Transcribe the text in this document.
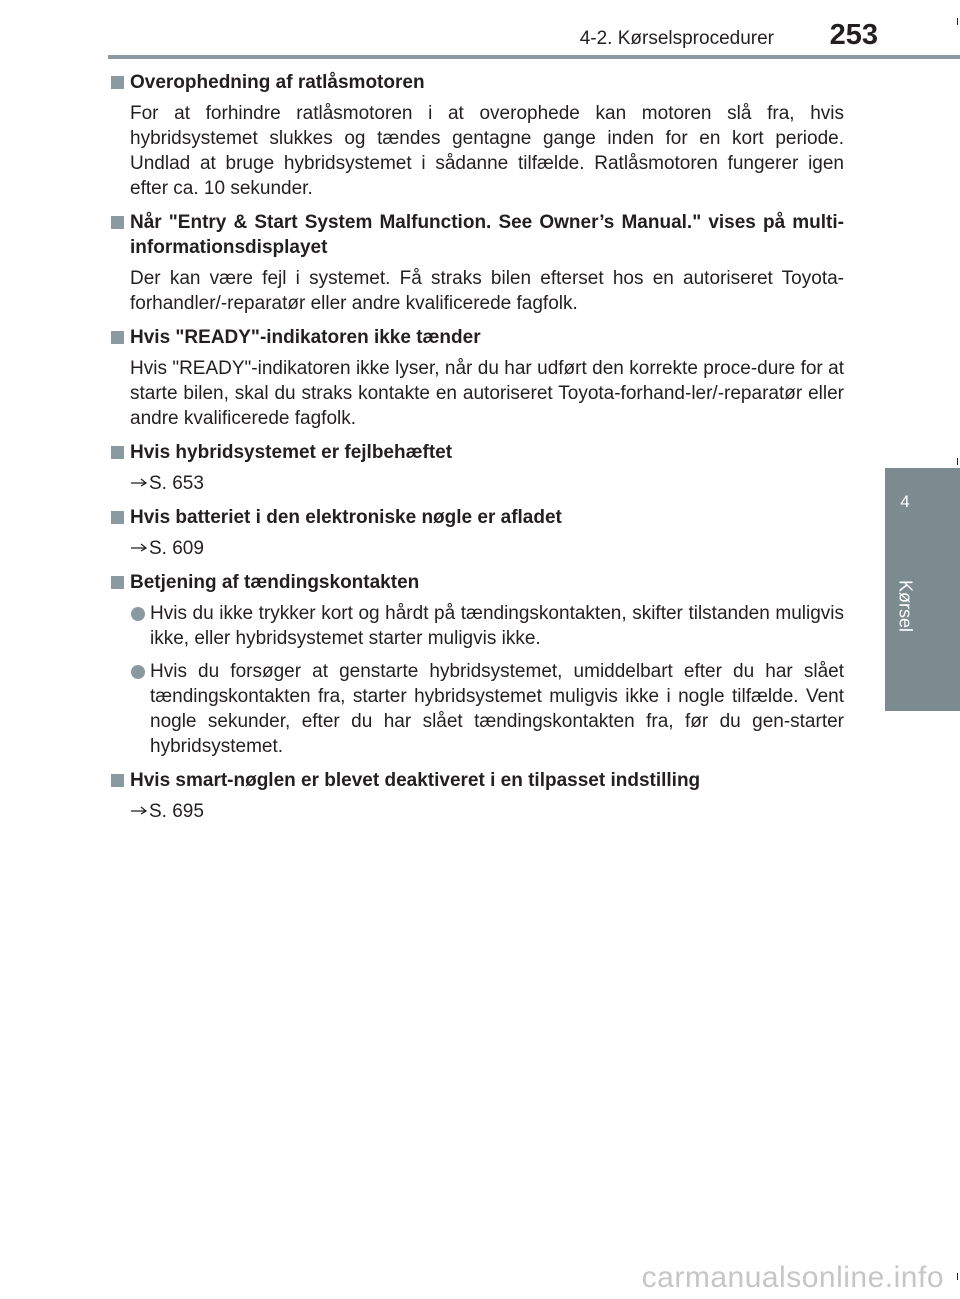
4-2. Kørselsprocedurer	253
4
Kørsel
Overophedning af ratlåsmotoren
For at forhindre ratlåsmotoren i at overophede kan motoren slå fra, hvis hybridsystemet slukkes og tændes gentagne gange inden for en kort periode. Undlad at bruge hybridsystemet i sådanne tilfælde. Ratlåsmotoren fungerer igen efter ca. 10 sekunder.
Når "Entry & Start System Malfunction. See Owner’s Manual." vises på multi-informationsdisplayet
Der kan være fejl i systemet. Få straks bilen efterset hos en autoriseret Toyota-forhandler/-reparatør eller andre kvalificerede fagfolk.
Hvis "READY"-indikatoren ikke tænder
Hvis "READY"-indikatoren ikke lyser, når du har udført den korrekte proce-dure for at starte bilen, skal du straks kontakte en autoriseret Toyota-forhand-ler/-reparatør eller andre kvalificerede fagfolk.
Hvis hybridsystemet er fejlbehæftet
S. 653
Hvis batteriet i den elektroniske nøgle er afladet
S. 609
Betjening af tændingskontakten
Hvis du ikke trykker kort og hårdt på tændingskontakten, skifter tilstanden muligvis ikke, eller hybridsystemet starter muligvis ikke.
Hvis du forsøger at genstarte hybridsystemet, umiddelbart efter du har slået tændingskontakten fra, starter hybridsystemet muligvis ikke i nogle tilfælde. Vent nogle sekunder, efter du har slået tændingskontakten fra, før du gen-starter hybridsystemet.
Hvis smart-nøglen er blevet deaktiveret i en tilpasset indstilling
S. 695
carmanualsonline.info
